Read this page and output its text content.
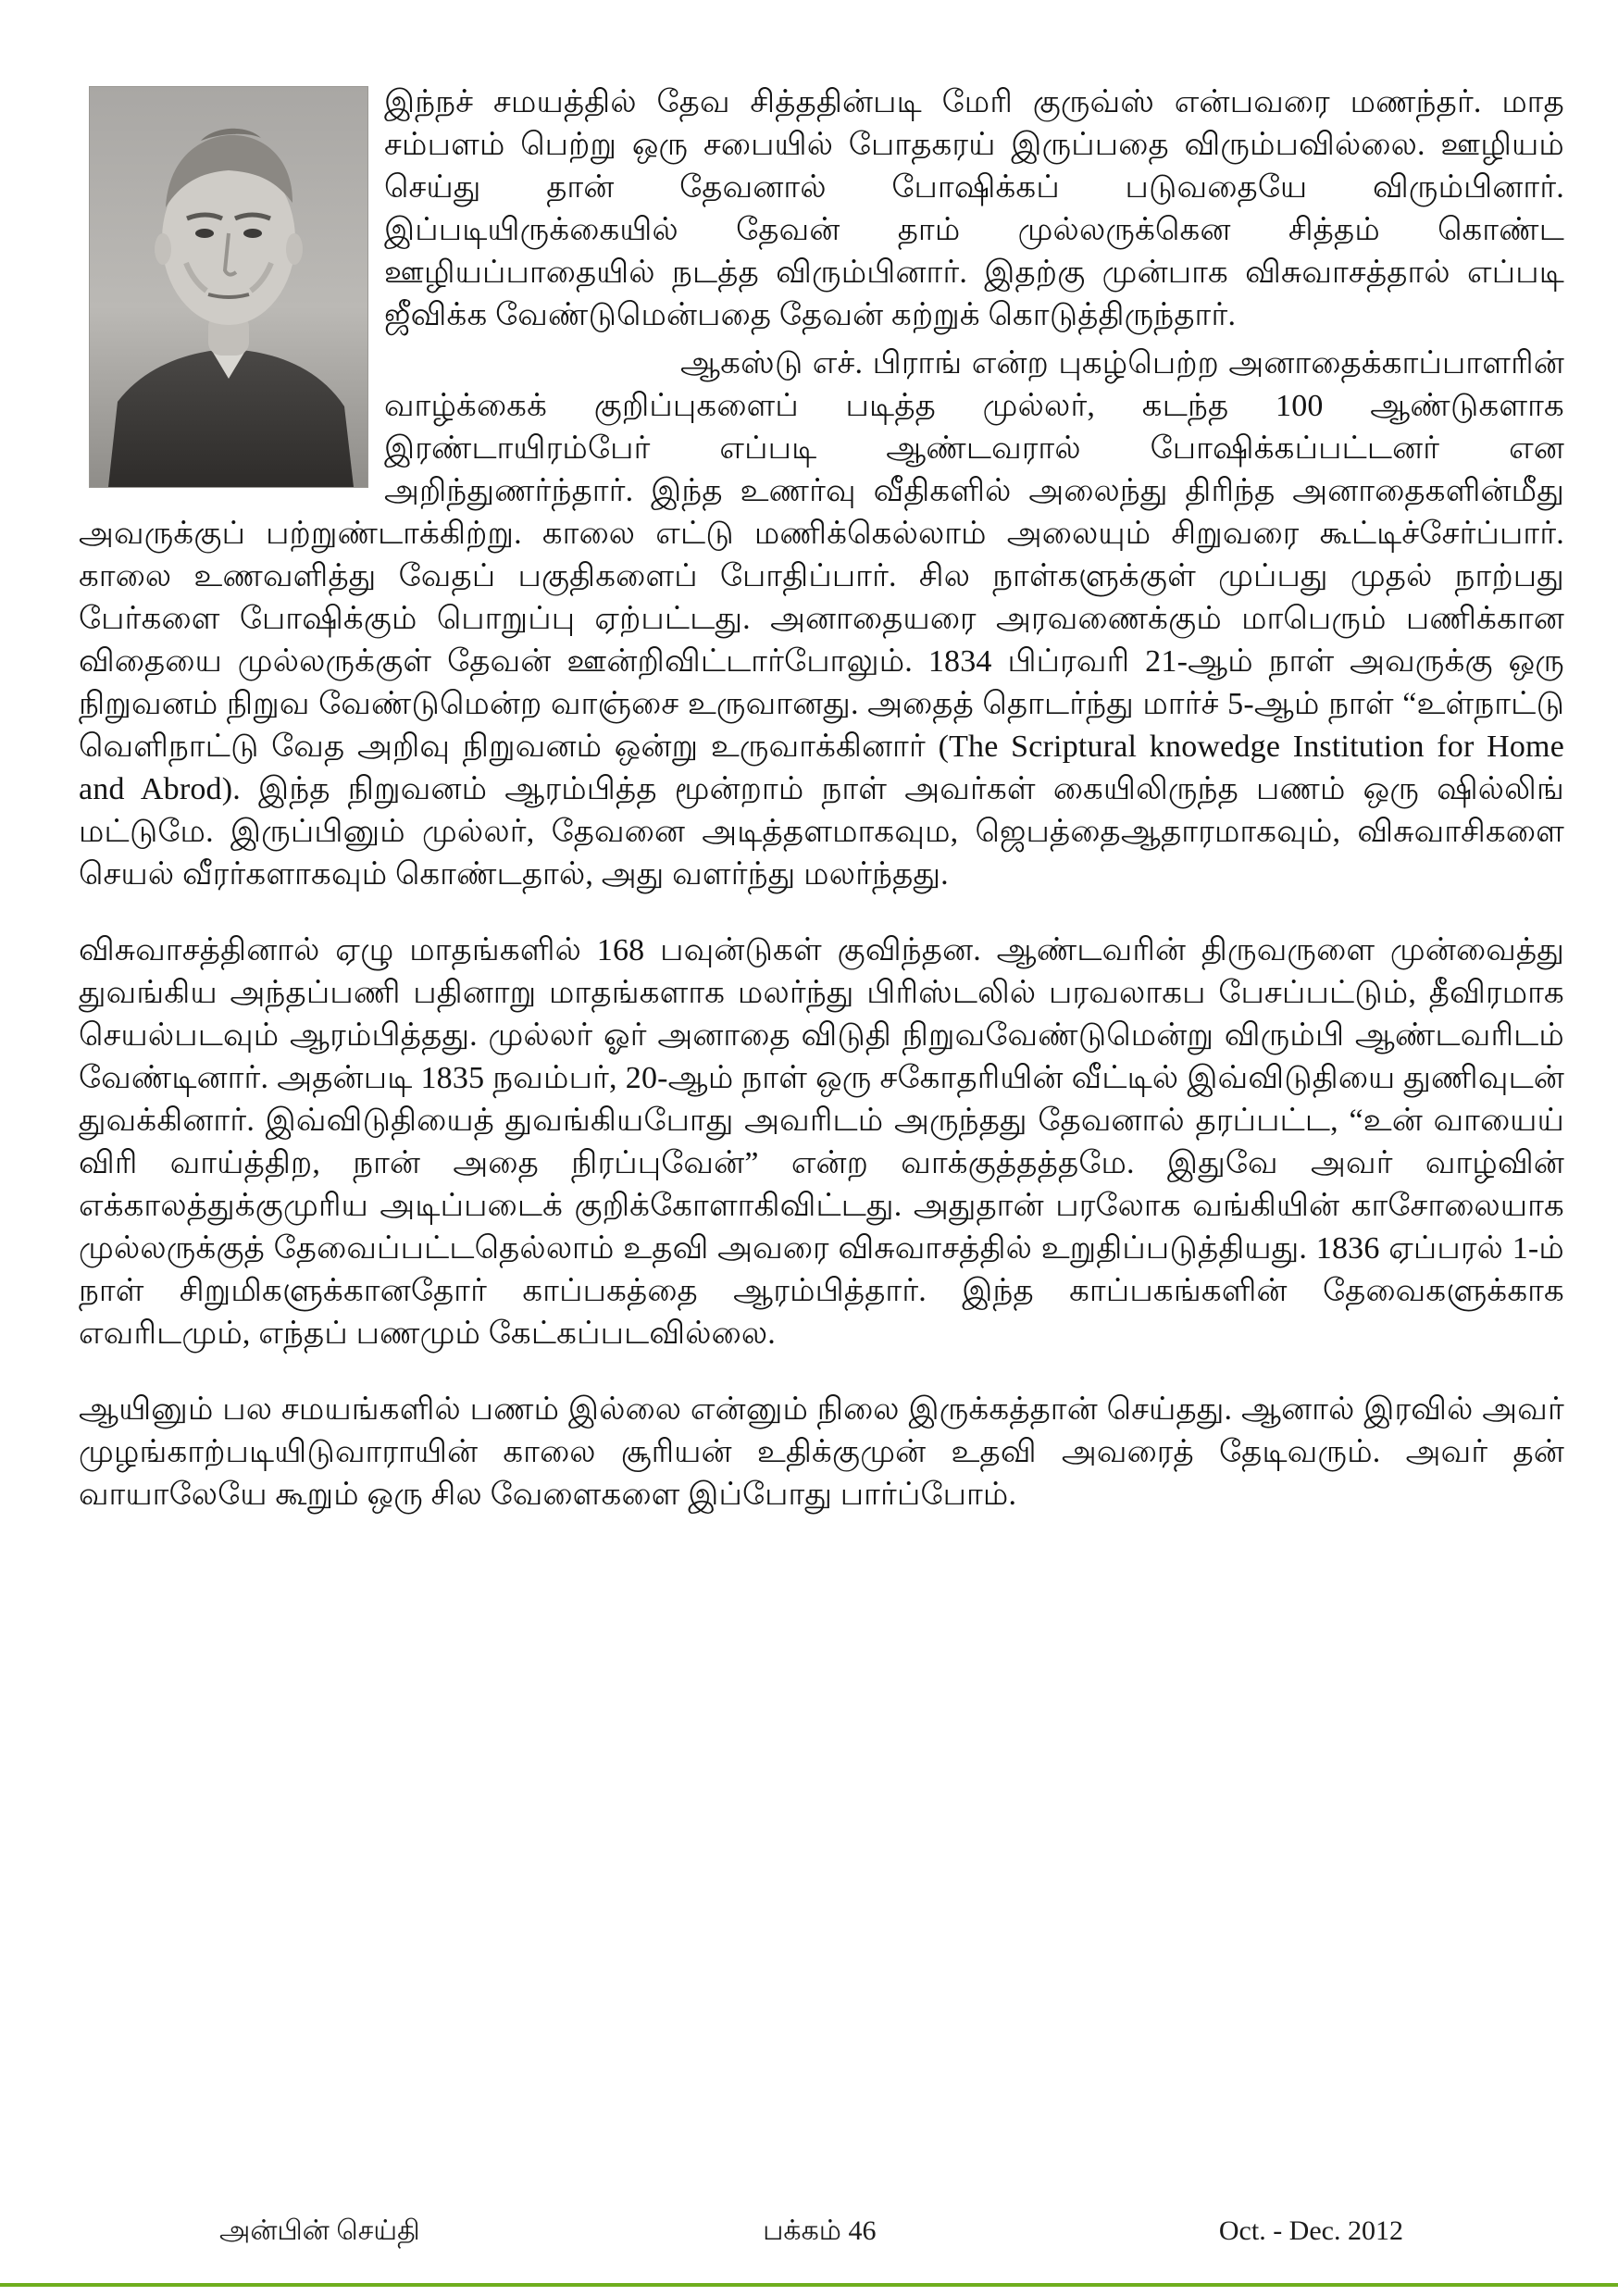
இந்நச் சமயத்தில் தேவ சித்ததின்படி மேரி குருவ்ஸ் என்பவரை மணந்தர். மாத சம்பளம் பெற்று ஒரு சபையில் போதகரய் இருப்பதை விரும்பவில்லை. ஊழியம் செய்து தான் தேவனால் போஷிக்கப் படுவதையே விரும்பினார். இப்படியிருக்கையில் தேவன் தாம் முல்லருக்கென சித்தம் கொண்ட ஊழியப்பாதையில் நடத்த விரும்பினார். இதற்கு முன்பாக விசுவாசத்தால் எப்படி ஜீவிக்க வேண்டுமென்பதை தேவன் கற்றுக் கொடுத்திருந்தார்.

ஆகஸ்டு எச். பிராங் என்ற புகழ்பெற்ற அனாதைக்காப்பாளரின் வாழ்க்கைக் குறிப்புகளைப் படித்த முல்லர், கடந்த 100 ஆண்டுகளாக இரண்டாயிரம்பேர் எப்படி ஆண்டவரால் போஷிக்கப்பட்டனர் என அறிந்துணர்ந்தார். இந்த உணர்வு வீதிகளில் அலைந்து திரிந்த அனாதைகளின்மீது அவருக்குப் பற்றுண்டாக்கிற்று. காலை எட்டு மணிக்கெல்லாம் அலையும் சிறுவரை கூட்டிச்சேர்ப்பார். காலை உணவளித்து வேதப் பகுதிகளைப் போதிப்பார். சில நாள்களுக்குள் முப்பது முதல் நாற்பது பேர்களை போஷிக்கும் பொறுப்பு ஏற்பட்டது. அனாதையரை அரவணைக்கும் மாபெரும் பணிக்கான விதையை முல்லருக்குள் தேவன் ஊன்றிவிட்டார்போலும். 1834 பிப்ரவரி 21-ஆம் நாள் அவருக்கு ஒரு நிறுவனம் நிறுவ வேண்டுமென்ற வாஞ்சை உருவானது. அதைத் தொடர்ந்து மார்ச் 5-ஆம் நாள் “உள்நாட்டு வெளிநாட்டு வேத அறிவு நிறுவனம் ஒன்று உருவாக்கினார் (The Scriptural knowedge Institution for Home and Abrod). இந்த நிறுவனம் ஆரம்பித்த மூன்றாம் நாள் அவர்கள் கையிலிருந்த பணம் ஒரு ஷில்லிங் மட்டுமே. இருப்பினும் முல்லர், தேவனை அடித்தளமாகவும, ஜெபத்தைஆதாரமாகவும், விசுவாசிகளை செயல் வீரர்களாகவும் கொண்டதால், அது வளர்ந்து மலர்ந்தது.

விசுவாசத்தினால் ஏழு மாதங்களில் 168 பவுன்டுகள் குவிந்தன. ஆண்டவரின் திருவருளை முன்வைத்து துவங்கிய அந்தப்பணி பதினாறு மாதங்களாக மலர்ந்து பிரிஸ்டலில் பரவலாகப பேசப்பட்டும், தீவிரமாக செயல்படவும் ஆரம்பித்தது. முல்லர் ஓர் அனாதை விடுதி நிறுவவேண்டுமென்று விரும்பி ஆண்டவரிடம் வேண்டினார். அதன்படி 1835 நவம்பர், 20-ஆம் நாள் ஒரு சகோதரியின் வீட்டில் இவ்விடுதியை துணிவுடன் துவக்கினார். இவ்விடுதியைத் துவங்கியபோது அவரிடம் அருந்தது தேவனால் தரப்பட்ட, “உன் வாயைய் விரி வாய்த்திற, நான் அதை நிரப்புவேன்” என்ற வாக்குத்தத்தமே. இதுவே அவர் வாழ்வின் எக்காலத்துக்குமுரிய அடிப்படைக் குறிக்கோளாகிவிட்டது. அதுதான் பரலோக வங்கியின் காசோலையாக முல்லருக்குத் தேவைப்பட்டதெல்லாம் உதவி அவரை விசுவாசத்தில் உறுதிப்படுத்தியது. 1836 ஏப்பரல் 1-ம் நாள் சிறுமிகளுக்கானதோர் காப்பகத்தை ஆரம்பித்தார். இந்த காப்பகங்களின் தேவைகளுக்காக எவரிடமும், எந்தப் பணமும் கேட்கப்படவில்லை.

ஆயினும் பல சமயங்களில் பணம் இல்லை என்னும் நிலை இருக்கத்தான் செய்தது. ஆனால் இரவில் அவர் முழங்காற்படியிடுவாராயின் காலை சூரியன் உதிக்குமுன் உதவி அவரைத் தேடிவரும். அவர் தன் வாயாலேயே கூறும் ஒரு சில வேளைகளை இப்போது பார்ப்போம்.

அன்பின் செய்தி	பக்கம் 46	Oct. - Dec. 2012
